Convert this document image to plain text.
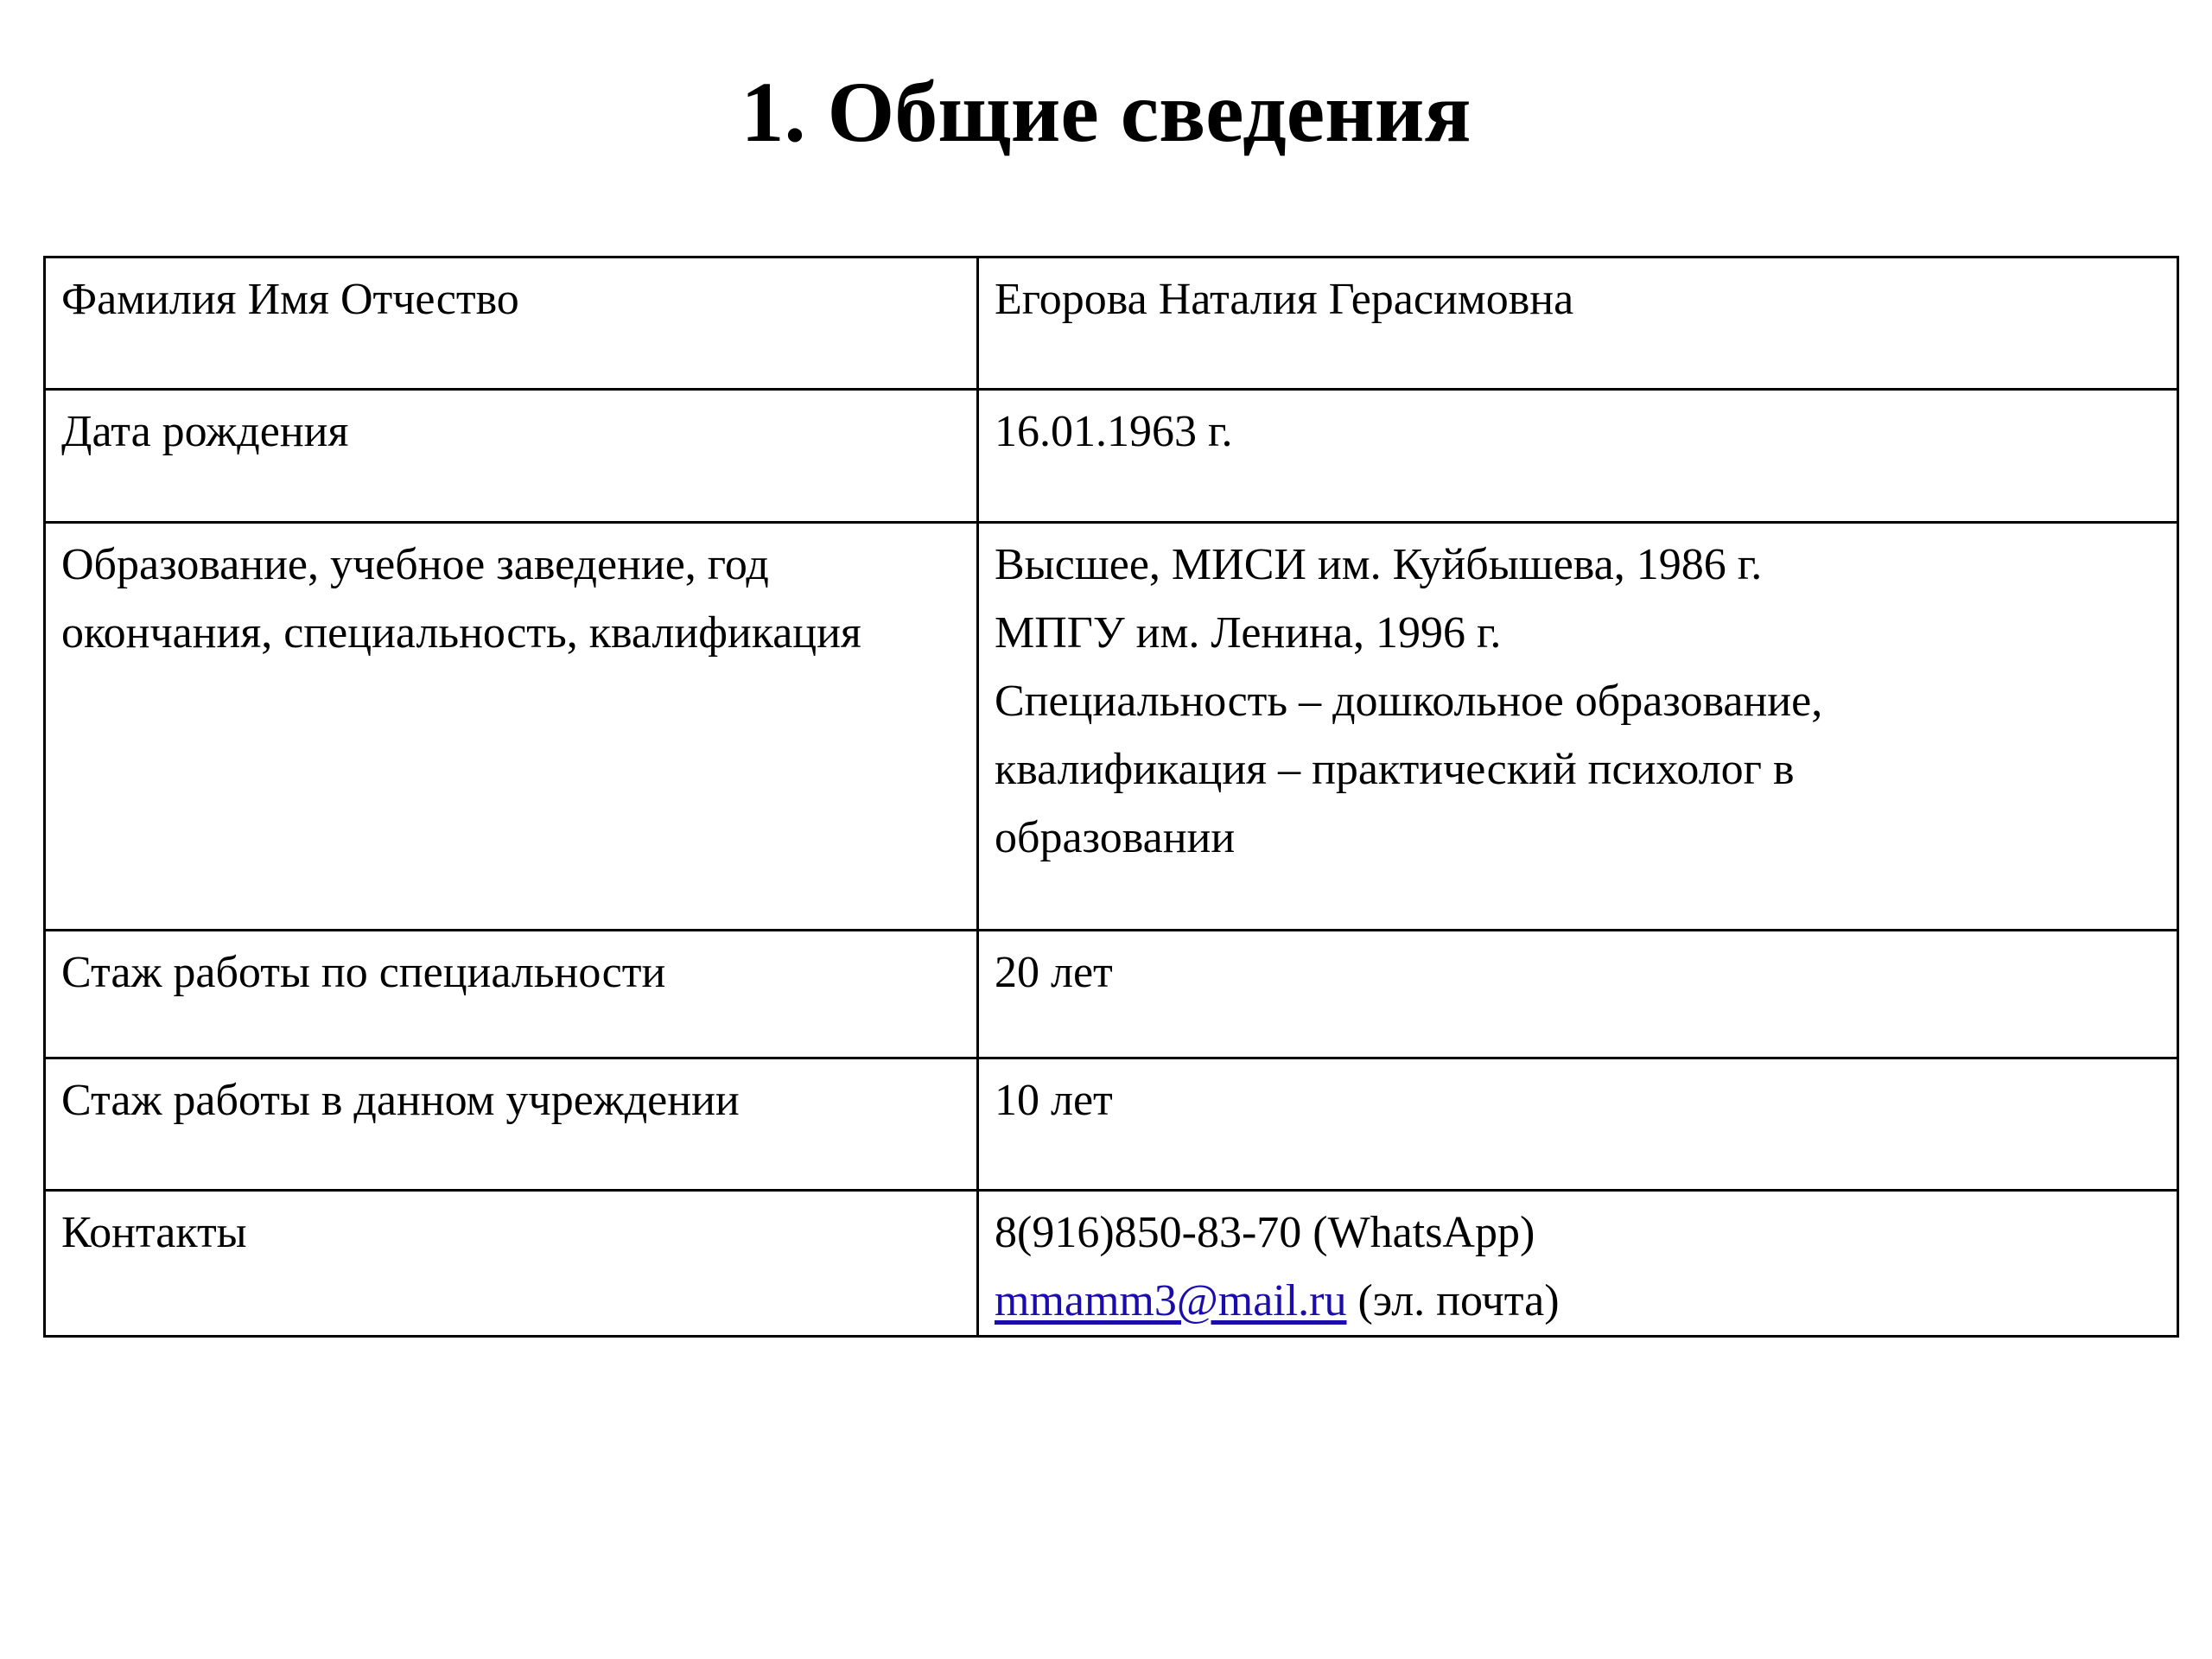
1. Общие сведения
Фамилия Имя Отчество	Егорова Наталия Герасимовна

Дата рождения	16.01.1963 г.

Образование, учебное заведение, год
окончания, специальность, квалификация	Высшее, МИСИ им. Куйбышева, 1986 г.
МПГУ им. Ленина, 1996 г.
Специальность – дошкольное образование,
квалификация – практический психолог в
образовании

Стаж работы по специальности	20 лет

Стаж работы в данном учреждении	10 лет

Контакты	8(916)850-83-70 (WhatsApp)
mmamm3@mail.ru (эл. почта)
